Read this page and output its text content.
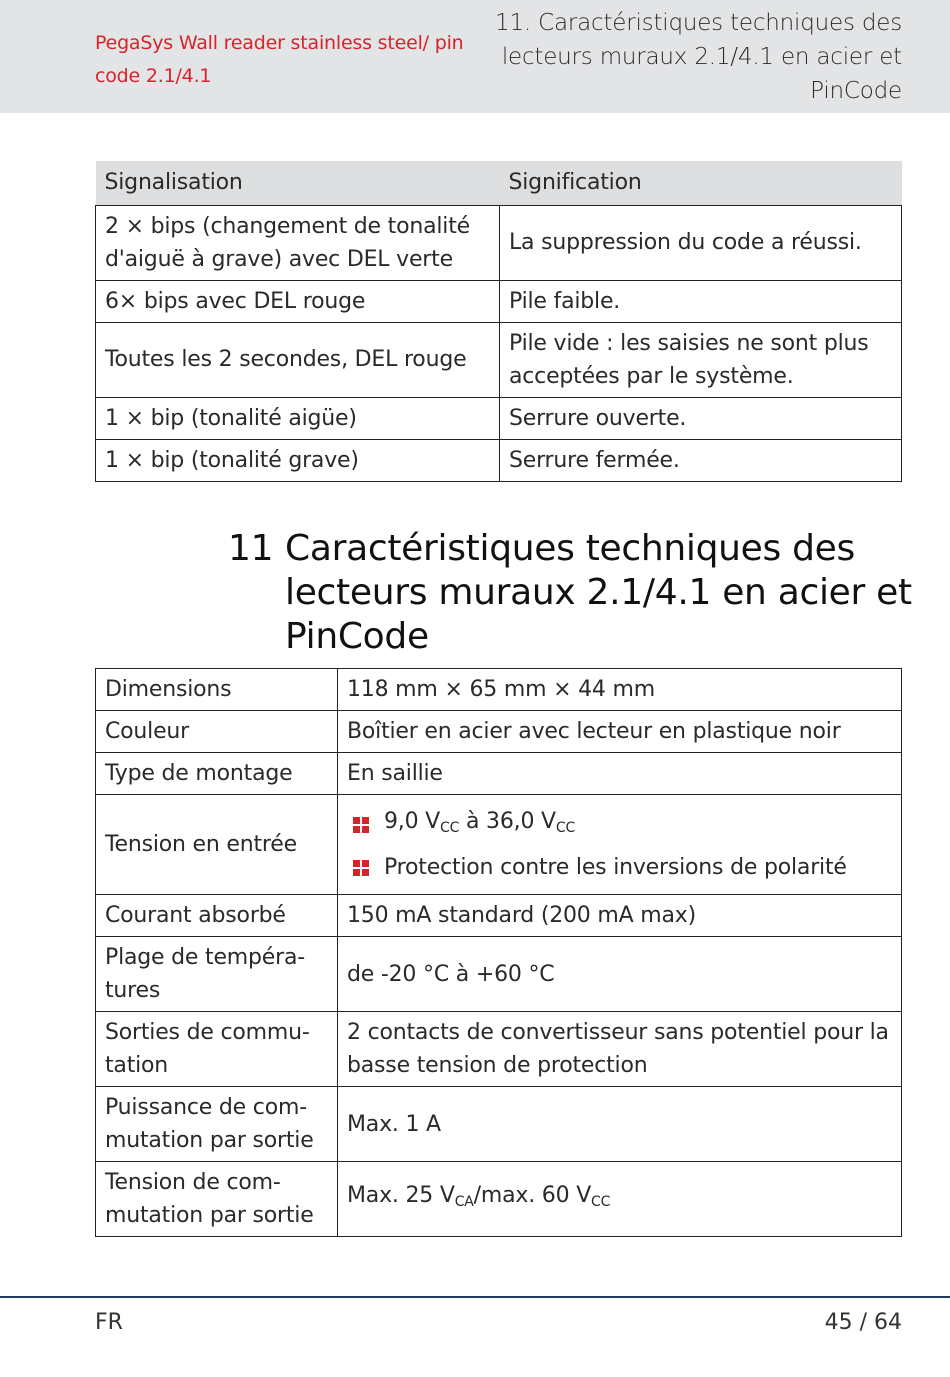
PegaSys Wall reader stainless steel/ pin code 2.1/4.1
11. Caractéristiques techniques des lecteurs muraux 2.1/4.1 en acier et PinCode
Signalisation	Signification
2 × bips (changement de tonalité d'aiguë à grave) avec DEL verte	La suppression du code a réussi.
6× bips avec DEL rouge	Pile faible.
Toutes les 2 secondes, DEL rouge	Pile vide : les saisies ne sont plus acceptées par le système.
1 × bip (tonalité aigüe)	Serrure ouverte.
1 × bip (tonalité grave)	Serrure fermée.
11 Caractéristiques techniques des lecteurs muraux 2.1/4.1 en acier et PinCode
Dimensions	118 mm × 65 mm × 44 mm
Couleur	Boîtier en acier avec lecteur en plastique noir
Type de montage	En saillie
Tension en entrée	9,0 $V_{CC}$ à 36,0 $V_{CC}$
Protection contre les inversions de polarité

Courant absorbé	150 mA standard (200 mA max)
Plage de tempéra-tures	de -20 °C à +60 °C
Sorties de commu-tation	2 contacts de convertisseur sans potentiel pour la basse tension de protection
Puissance de com-mutation par sortie	Max. 1 A
Tension de com-mutation par sortie	Max. 25 $V_{CA}/\max$. 60 $V_{CC}$
FR	45 / 64
